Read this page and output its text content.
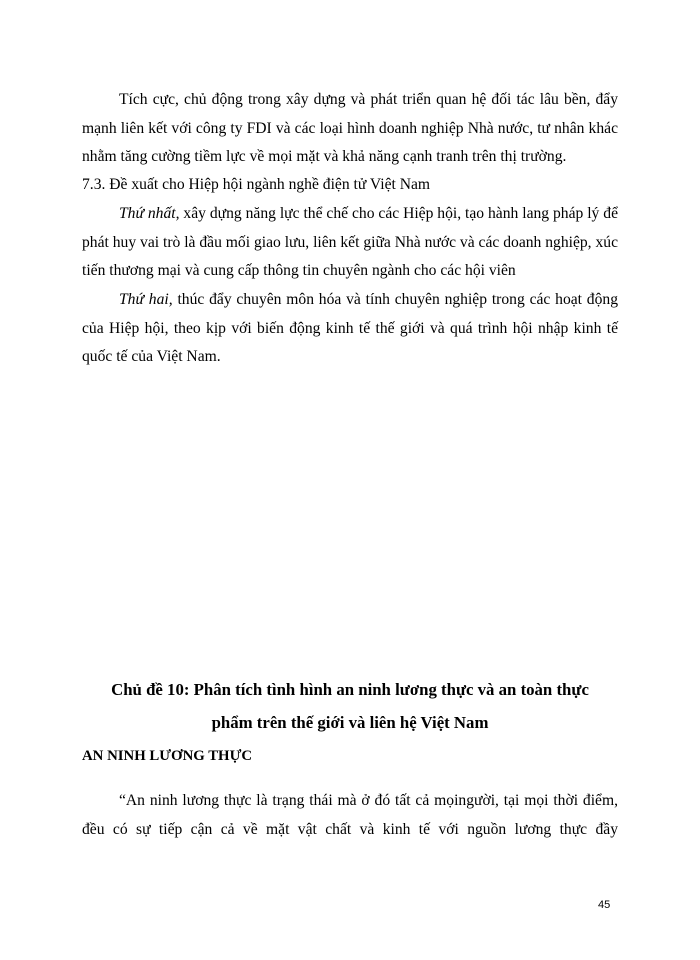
Tích cực, chủ động trong xây dựng và phát triển quan hệ đối tác lâu bền, đẩy mạnh liên kết với công ty FDI và các loại hình doanh nghiệp Nhà nước, tư nhân khác nhằm tăng cường tiềm lực về mọi mặt và khả năng cạnh tranh trên thị trường.

7.3. Đề xuất cho Hiệp hội ngành nghề điện tử Việt Nam

Thứ nhất, xây dựng năng lực thể chế cho các Hiệp hội, tạo hành lang pháp lý để phát huy vai trò là đầu mối giao lưu, liên kết giữa Nhà nước và các doanh nghiệp, xúc tiến thương mại và cung cấp thông tin chuyên ngành cho các hội viên

Thứ hai, thúc đẩy chuyên môn hóa và tính chuyên nghiệp trong các hoạt động của Hiệp hội, theo kịp với biến động kinh tế thế giới và quá trình hội nhập kinh tế quốc tế của Việt Nam.

Chủ đề 10: Phân tích tình hình an ninh lương thực và an toàn thực

phẩm trên thế giới và liên hệ Việt Nam

AN NINH LƯƠNG THỰC

“An ninh lương thực là trạng thái mà ở đó tất cả mọingười, tại mọi thời điểm, đều có sự tiếp cận cả về mặt vật chất và kinh tế với nguồn lương thực đầy

45
